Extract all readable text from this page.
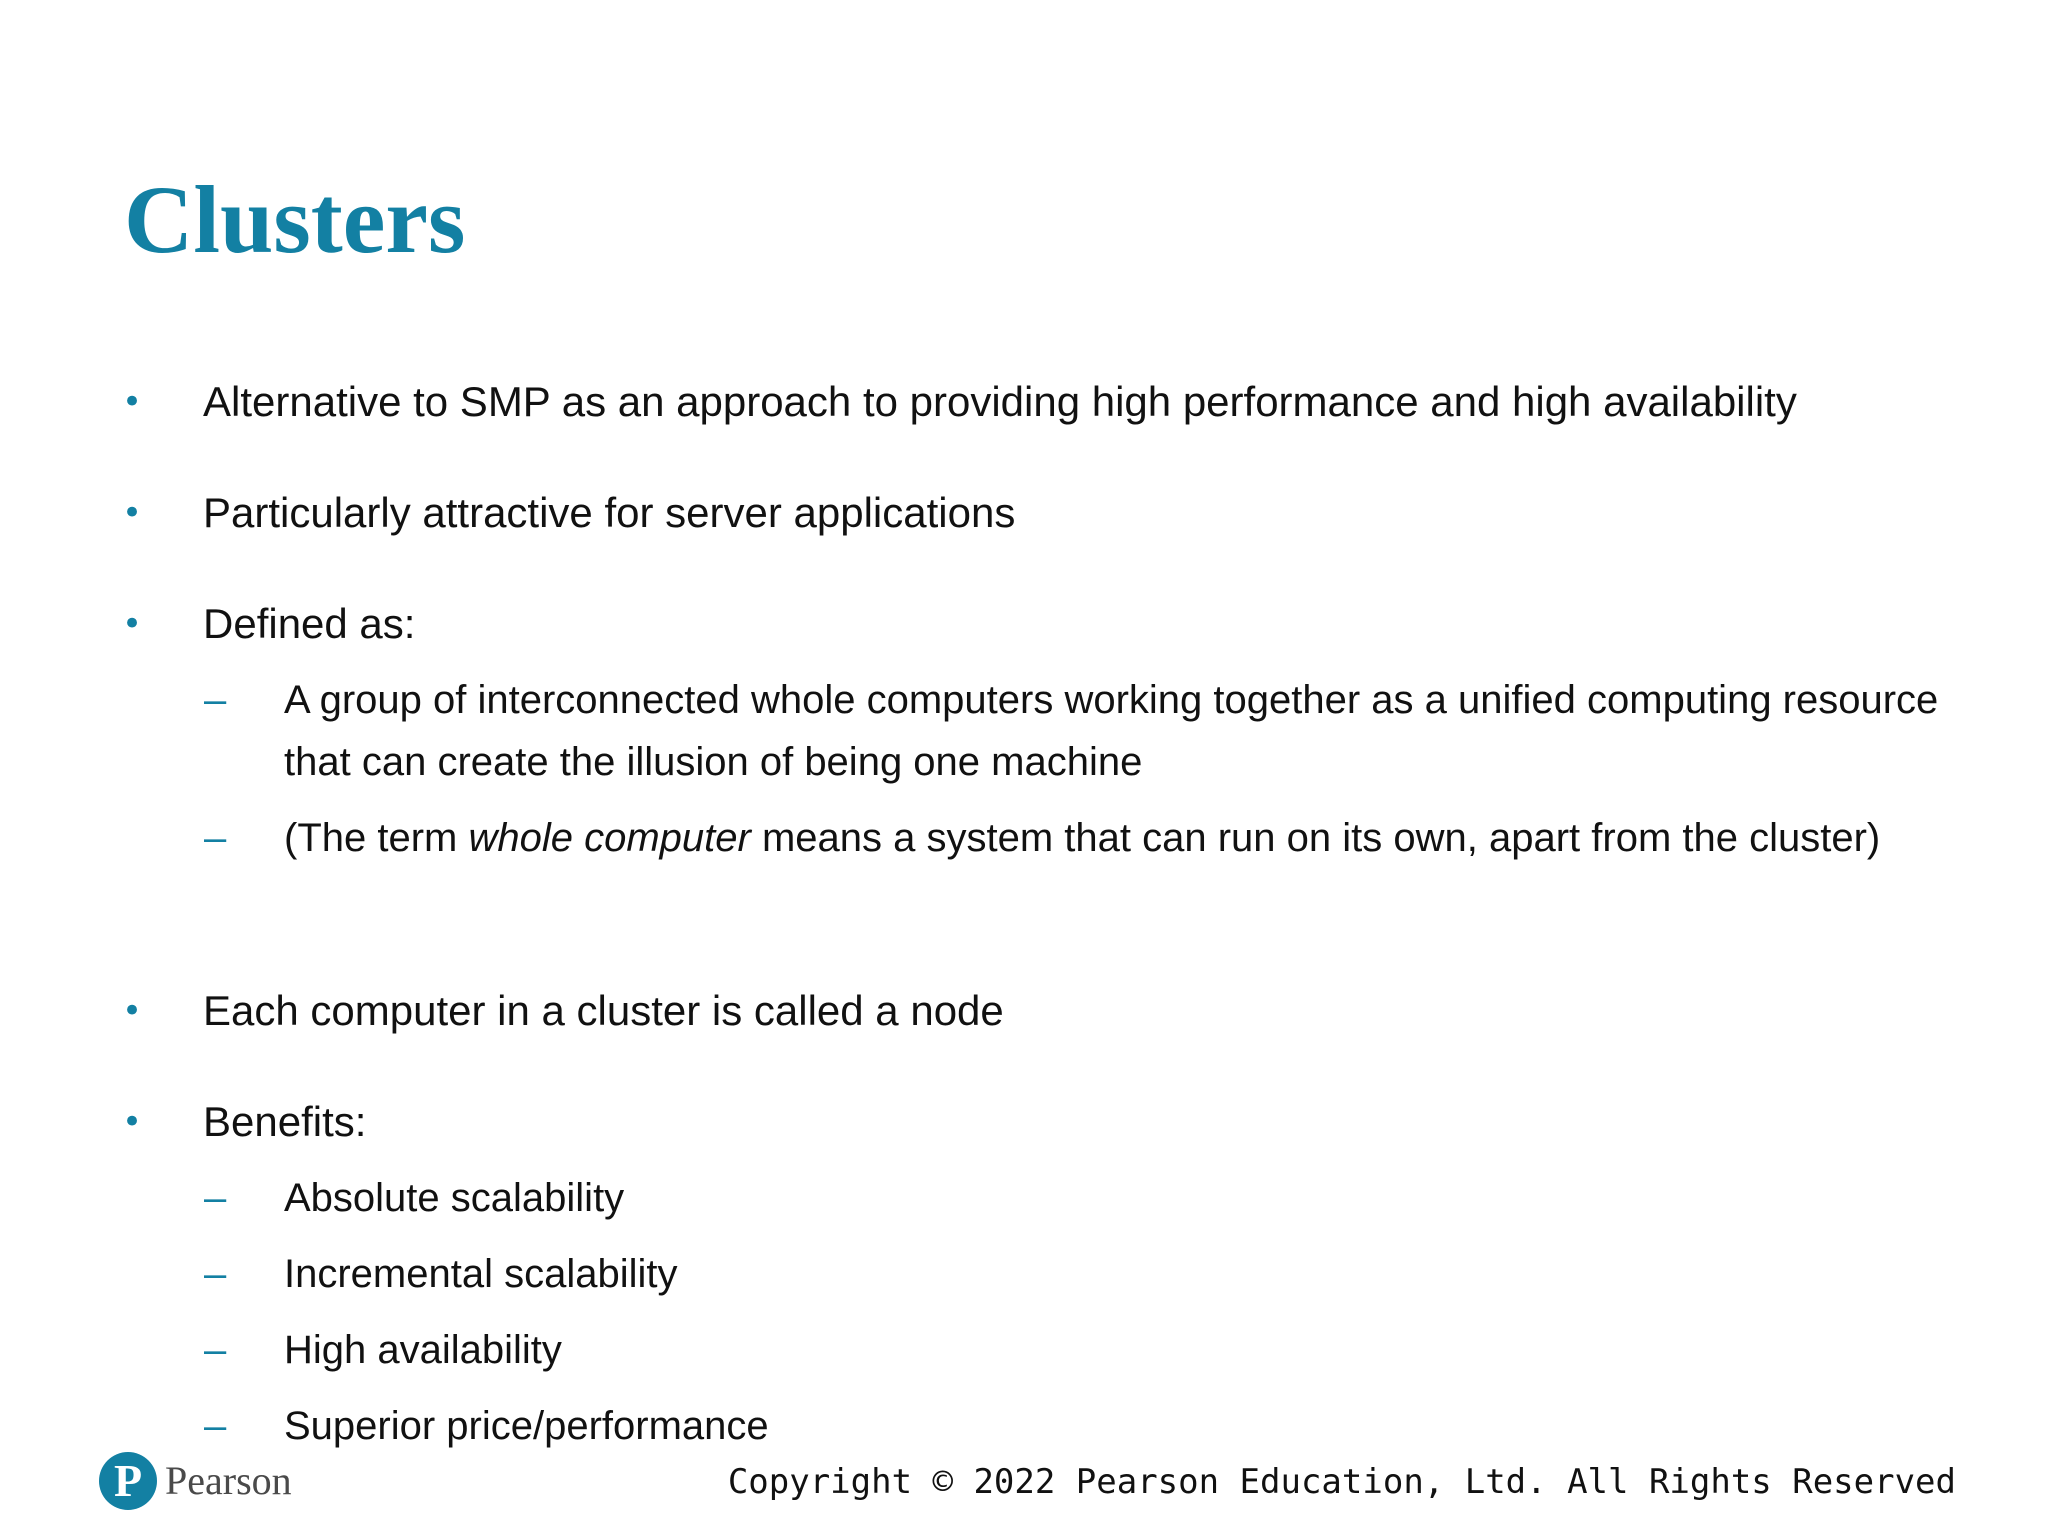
Clusters
• Alternative to SMP as an approach to providing high performance and high availability

• Particularly attractive for server applications

• Defined as:

– A group of interconnected whole computers working together as a unified computing resource that can create the illusion of being one machine

– (The term whole computer means a system that can run on its own, apart from the cluster)

• Each computer in a cluster is called a node

• Benefits:

– Absolute scalability

– Incremental scalability

– High availability

– Superior price/performance

P Pearson	Copyright © 2022 Pearson Education, Ltd. All Rights Reserved
